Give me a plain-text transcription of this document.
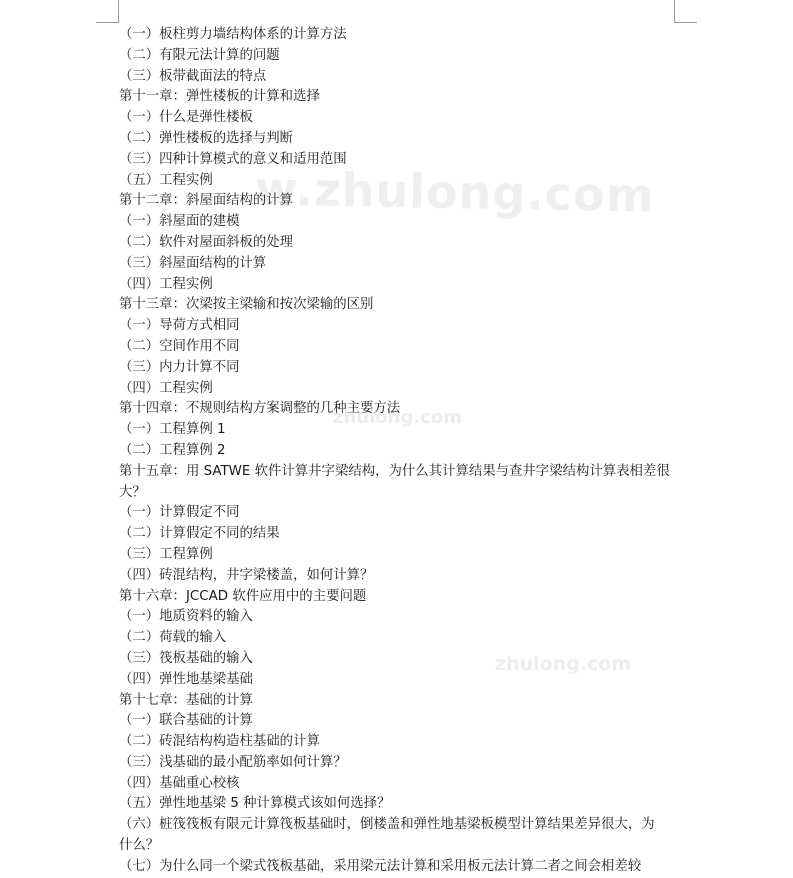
w.zhulong.com
zhulong.com
zhulong.com
（一）板柱剪力墙结构体系的计算方法
（二）有限元法计算的问题
（三）板带截面法的特点
第十一章：弹性楼板的计算和选择
（一）什么是弹性楼板
（二）弹性楼板的选择与判断
（三）四种计算模式的意义和适用范围
（五）工程实例
第十二章：斜屋面结构的计算
（一）斜屋面的建模
（二）软件对屋面斜板的处理
（三）斜屋面结构的计算
（四）工程实例
第十三章：次梁按主梁输和按次梁输的区别
（一）导荷方式相同
（二）空间作用不同
（三）内力计算不同
（四）工程实例
第十四章：不规则结构方案调整的几种主要方法
（一）工程算例 1
（二）工程算例 2
第十五章：用 SATWE 软件计算井字梁结构，为什么其计算结果与查井字梁结构计算表相差很
大？
（一）计算假定不同
（二）计算假定不同的结果
（三）工程算例
（四）砖混结构，井字梁楼盖，如何计算？
第十六章：JCCAD 软件应用中的主要问题
（一）地质资料的输入
（二）荷载的输入
（三）筏板基础的输入
（四）弹性地基梁基础
第十七章：基础的计算
（一）联合基础的计算
（二）砖混结构构造柱基础的计算
（三）浅基础的最小配筋率如何计算？
（四）基础重心校核
（五）弹性地基梁 5 种计算模式该如何选择？
（六）桩筏筏板有限元计算筏板基础时，倒楼盖和弹性地基梁板模型计算结果差异很大，为
什么？
（七）为什么同一个梁式筏板基础，采用梁元法计算和采用板元法计算二者之间会相差较
